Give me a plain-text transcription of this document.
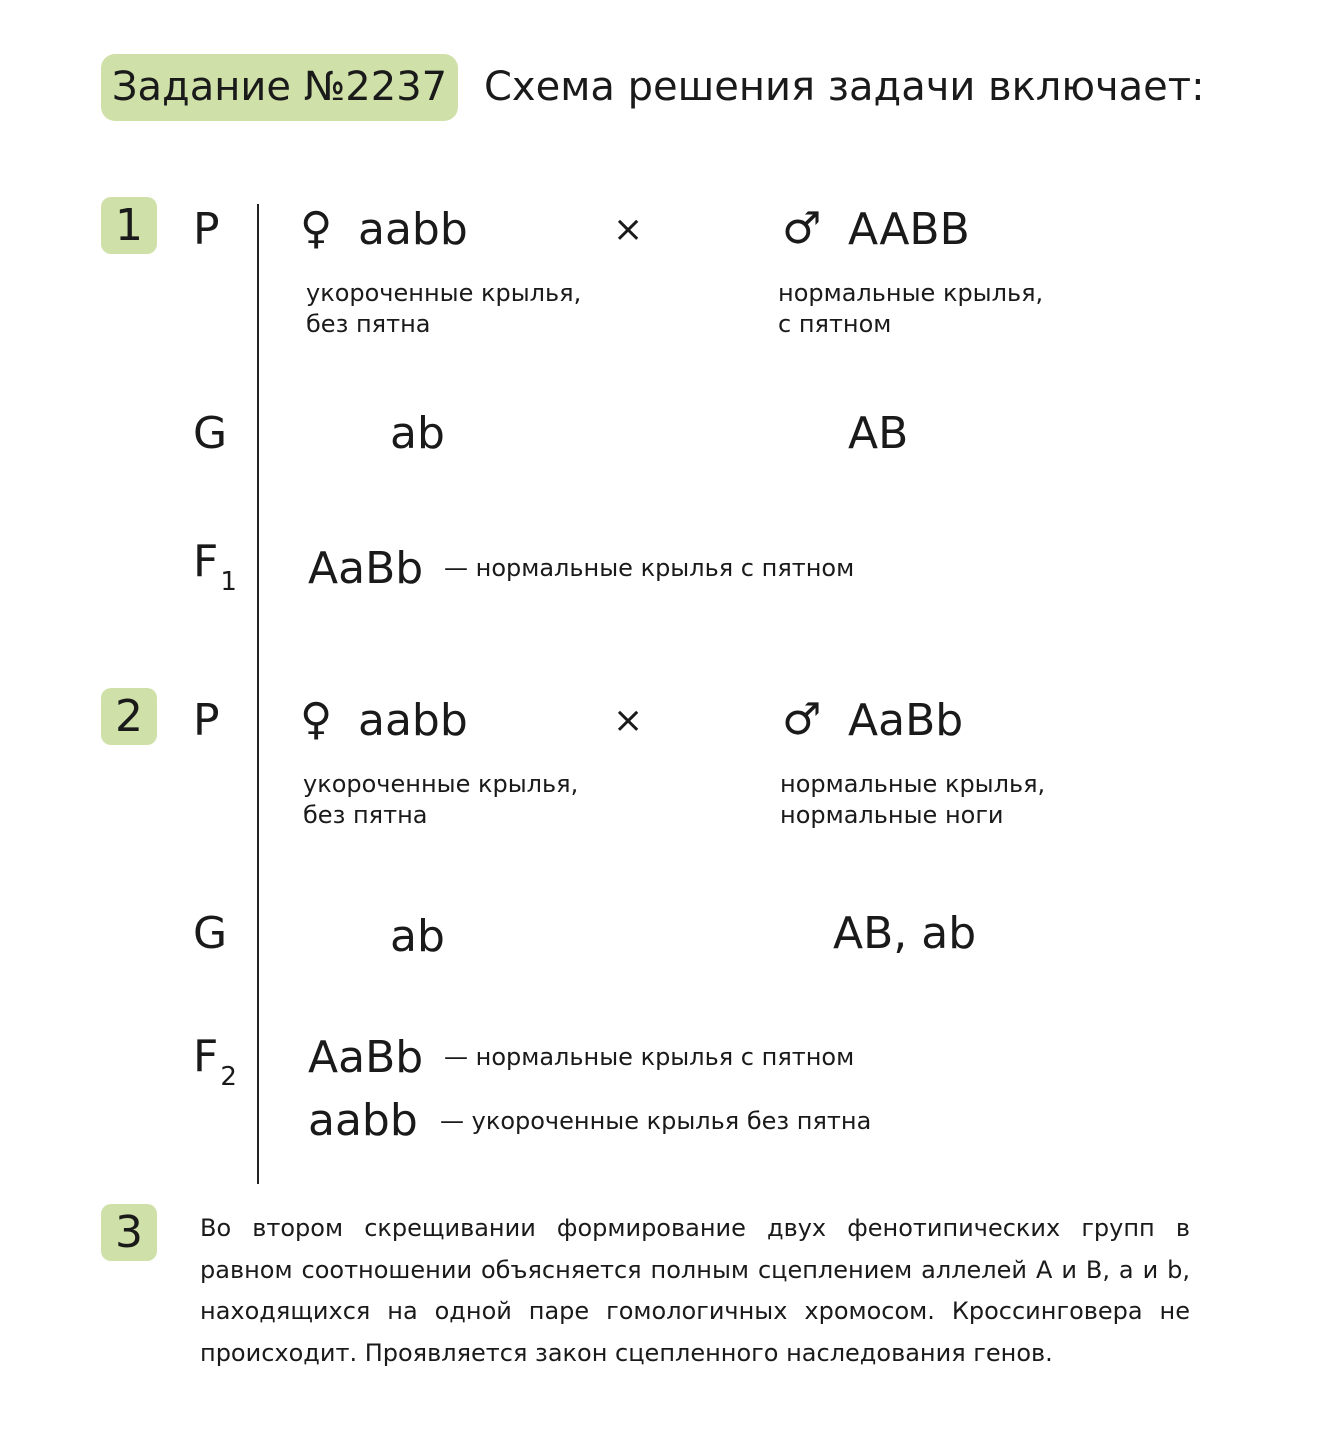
Задание №2237 Схема решения задачи включает:
1	P ♀ aabb	×	♂ AABB
укороченные крылья,
без пятна
нормальные крылья,
с пятном
G	ab	AB
$F_1$ AaBb — нормальные крылья с пятном
2	P ♀ aabb	×	♂ AaBb
укороченные крылья,
без пятна
нормальные крылья,
нормальные ноги
G	ab	AB, ab
$F_2$ AaBb — нормальные крылья с пятном
aabb — укороченные крылья без пятна
3	Во втором скрещивании формирование двух фенотипических групп в равном соотношении объясняется полным сцеплением аллелей A и B, a и b, находящихся на одной паре гомологичных хромосом. Кроссинговера не происходит. Проявляется закон сцепленного наследования генов.
